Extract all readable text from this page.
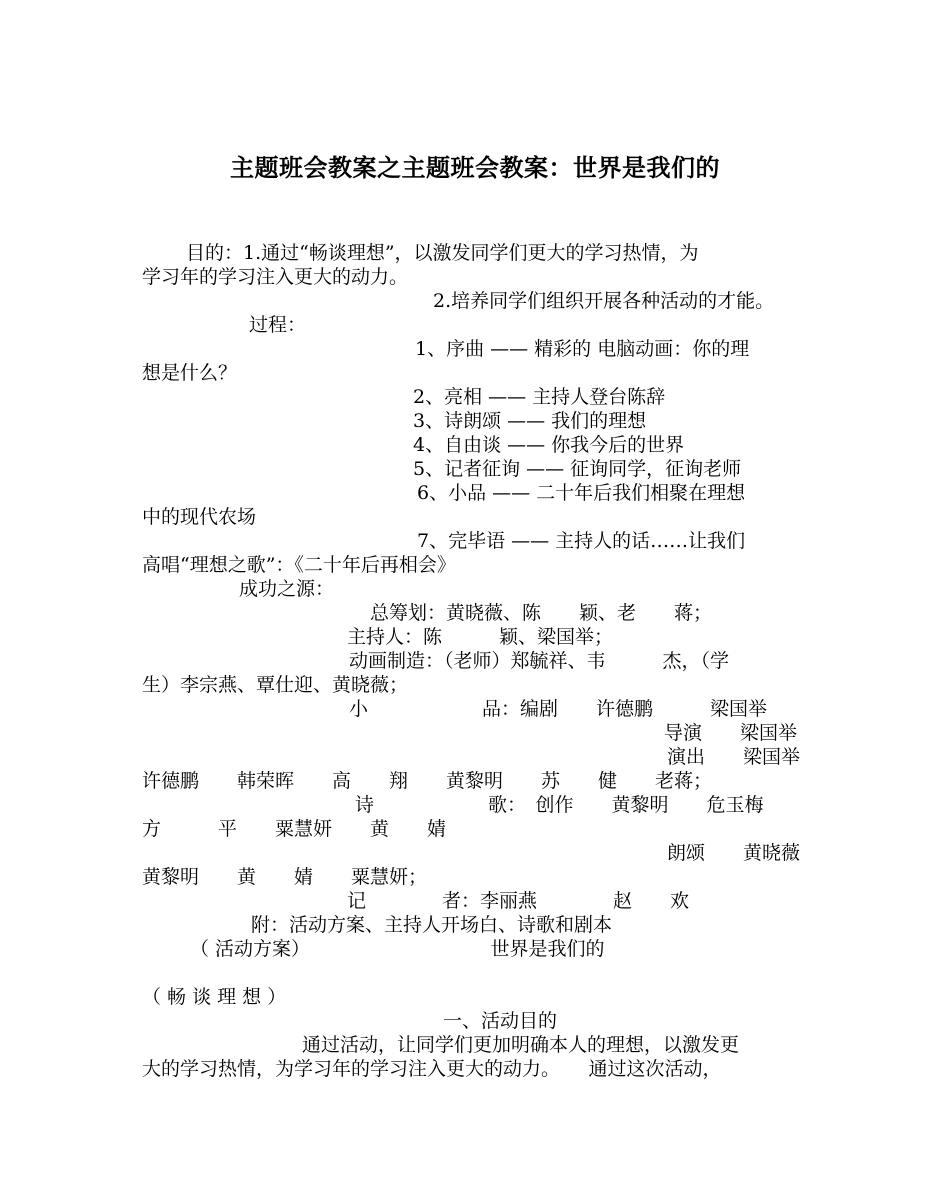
主题班会教案之主题班会教案：世界是我们的

目的：1.通过“畅谈理想”，以激发同学们更大的学习热情，为

学习年的学习注入更大的动力。

2.培养同学们组织开展各种活动的才能。

过程：

1、序曲 —— 精彩的 电脑动画：你的理

想是什么？

2、亮相 —— 主持人登台陈辞

3、诗朗颂 —— 我们的理想

4、自由谈 —— 你我今后的世界

5、记者征询 —— 征询同学，征询老师

6、小品 —— 二十年后我们相聚在理想

中的现代农场

7、完毕语 —— 主持人的话……让我们

高唱“理想之歌”：《二十年后再相会》

成功之源：

总筹划：黄晓薇、陈　　颖、老　　蒋；

主持人：陈　　　颖、梁国举；

动画制造：（老师）郑毓祥、韦　　　杰，（学

生）李宗燕、覃仕迎、黄晓薇；

小　　　　　　品：编剧　　许德鹏　　　梁国举

导演　　梁国举

演出　　梁国举

许德鹏　　韩荣晖　　高　　翔　　黄黎明　　苏　　健　　老蒋；

诗　　　　　　歌：　创作　　黄黎明　　危玉梅

方　　　平　　粟慧妍　　黄　　婧

朗颂　　黄晓薇

黄黎明　　黄　　婧　　粟慧妍；

记　　　　者：李丽燕　　　　赵　　欢

附：活动方案、主持人开场白、诗歌和剧本

（ 活动方案）　　　　　　　　　　世界是我们的

（ 畅 谈 理 想 ）

一、活动目的

通过活动，让同学们更加明确本人的理想，以激发更

大的学习热情，为学习年的学习注入更大的动力。　　通过这次活动，
